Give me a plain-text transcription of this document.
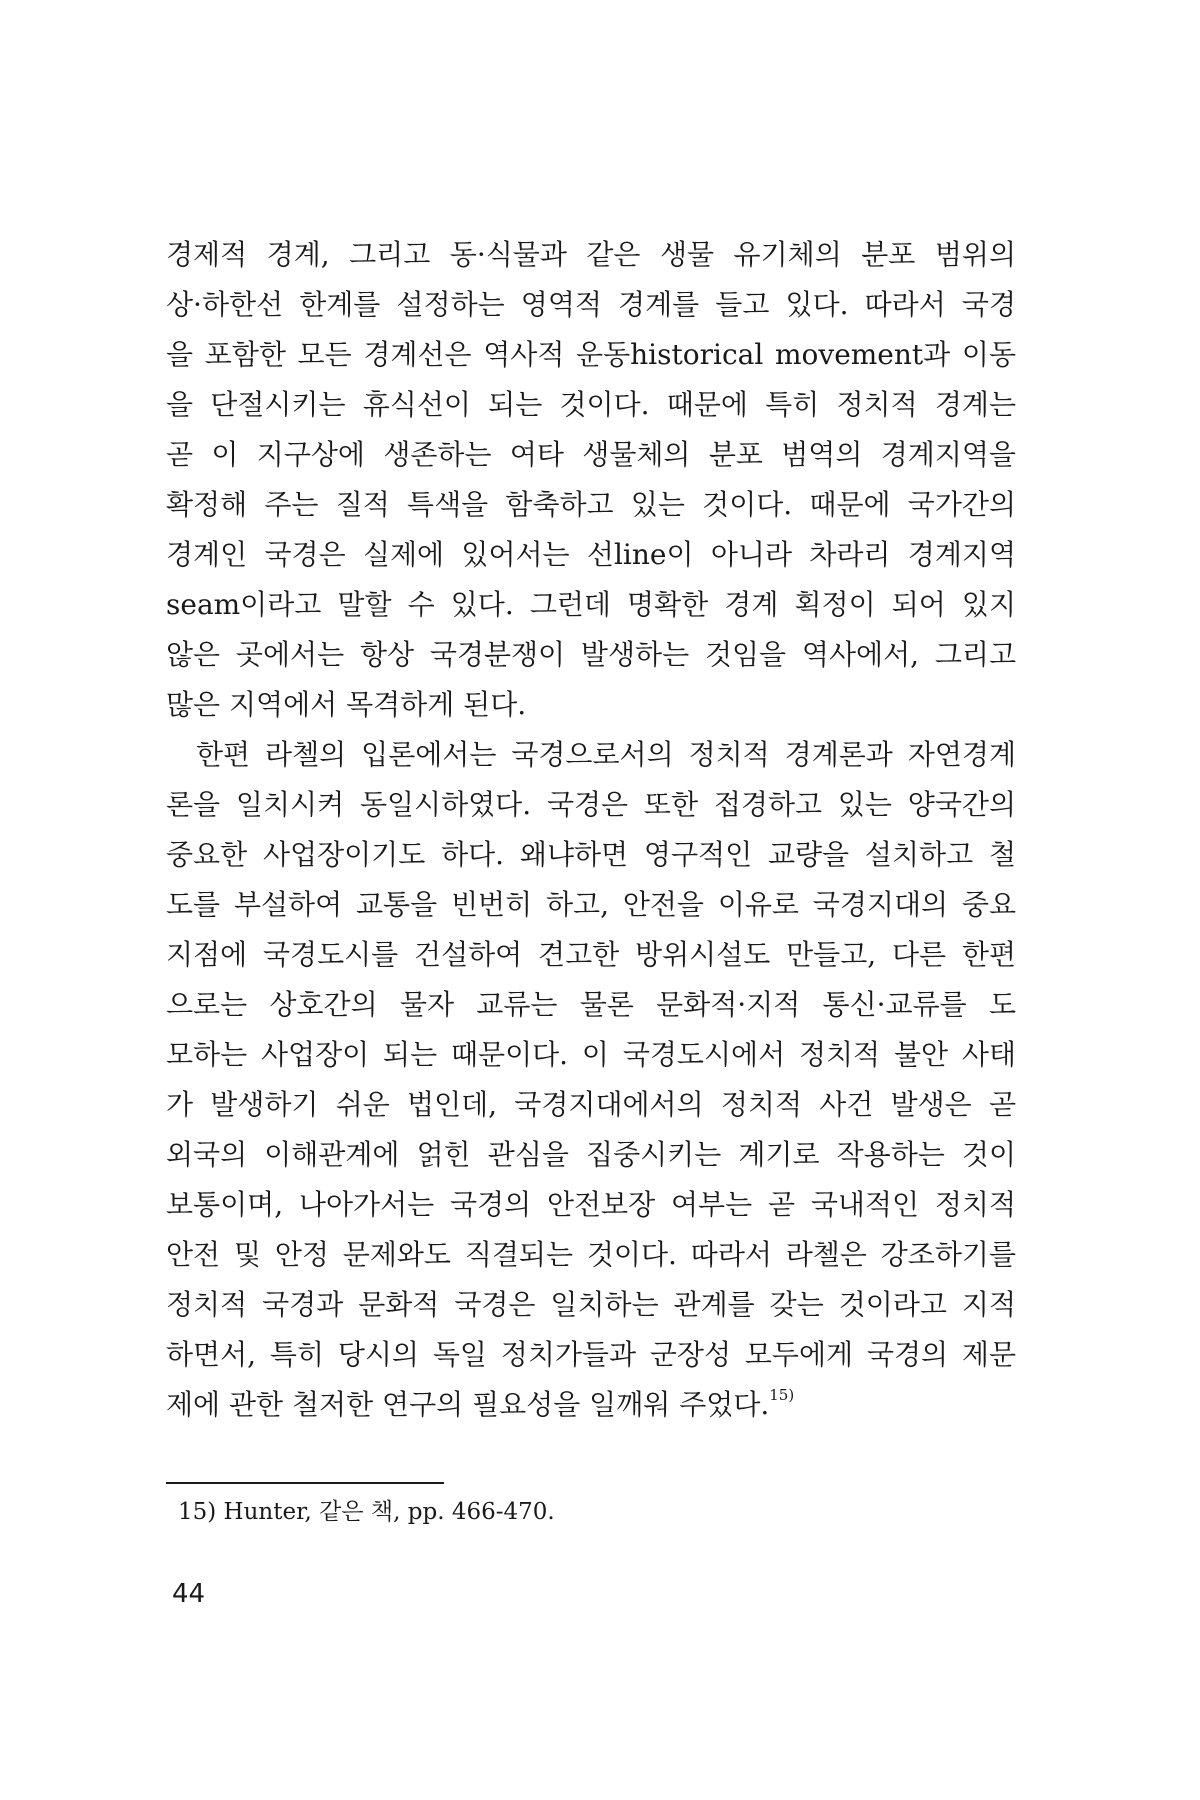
경제적 경계, 그리고 동·식물과 같은 생물 유기체의 분포 범위의
상·하한선 한계를 설정하는 영역적 경계를 들고 있다. 따라서 국경
을 포함한 모든 경계선은 역사적 운동historical movement과 이동
을 단절시키는 휴식선이 되는 것이다. 때문에 특히 정치적 경계는
곧 이 지구상에 생존하는 여타 생물체의 분포 범역의 경계지역을
확정해 주는 질적 특색을 함축하고 있는 것이다. 때문에 국가간의
경계인 국경은 실제에 있어서는 선line이 아니라 차라리 경계지역
seam이라고 말할 수 있다. 그런데 명확한 경계 획정이 되어 있지
않은 곳에서는 항상 국경분쟁이 발생하는 것임을 역사에서, 그리고
많은 지역에서 목격하게 된다.
한편 라첼의 입론에서는 국경으로서의 정치적 경계론과 자연경계
론을 일치시켜 동일시하였다. 국경은 또한 접경하고 있는 양국간의
중요한 사업장이기도 하다. 왜냐하면 영구적인 교량을 설치하고 철
도를 부설하여 교통을 빈번히 하고, 안전을 이유로 국경지대의 중요
지점에 국경도시를 건설하여 견고한 방위시설도 만들고, 다른 한편
으로는 상호간의 물자 교류는 물론 문화적·지적 통신·교류를 도
모하는 사업장이 되는 때문이다. 이 국경도시에서 정치적 불안 사태
가 발생하기 쉬운 법인데, 국경지대에서의 정치적 사건 발생은 곧
외국의 이해관계에 얽힌 관심을 집중시키는 계기로 작용하는 것이
보통이며, 나아가서는 국경의 안전보장 여부는 곧 국내적인 정치적
안전 및 안정 문제와도 직결되는 것이다. 따라서 라첼은 강조하기를
정치적 국경과 문화적 국경은 일치하는 관계를 갖는 것이라고 지적
하면서, 특히 당시의 독일 정치가들과 군장성 모두에게 국경의 제문
제에 관한 철저한 연구의 필요성을 일깨워 주었다.$^{15)}$
15) Hunter, 같은 책, pp. 466-470.
44
